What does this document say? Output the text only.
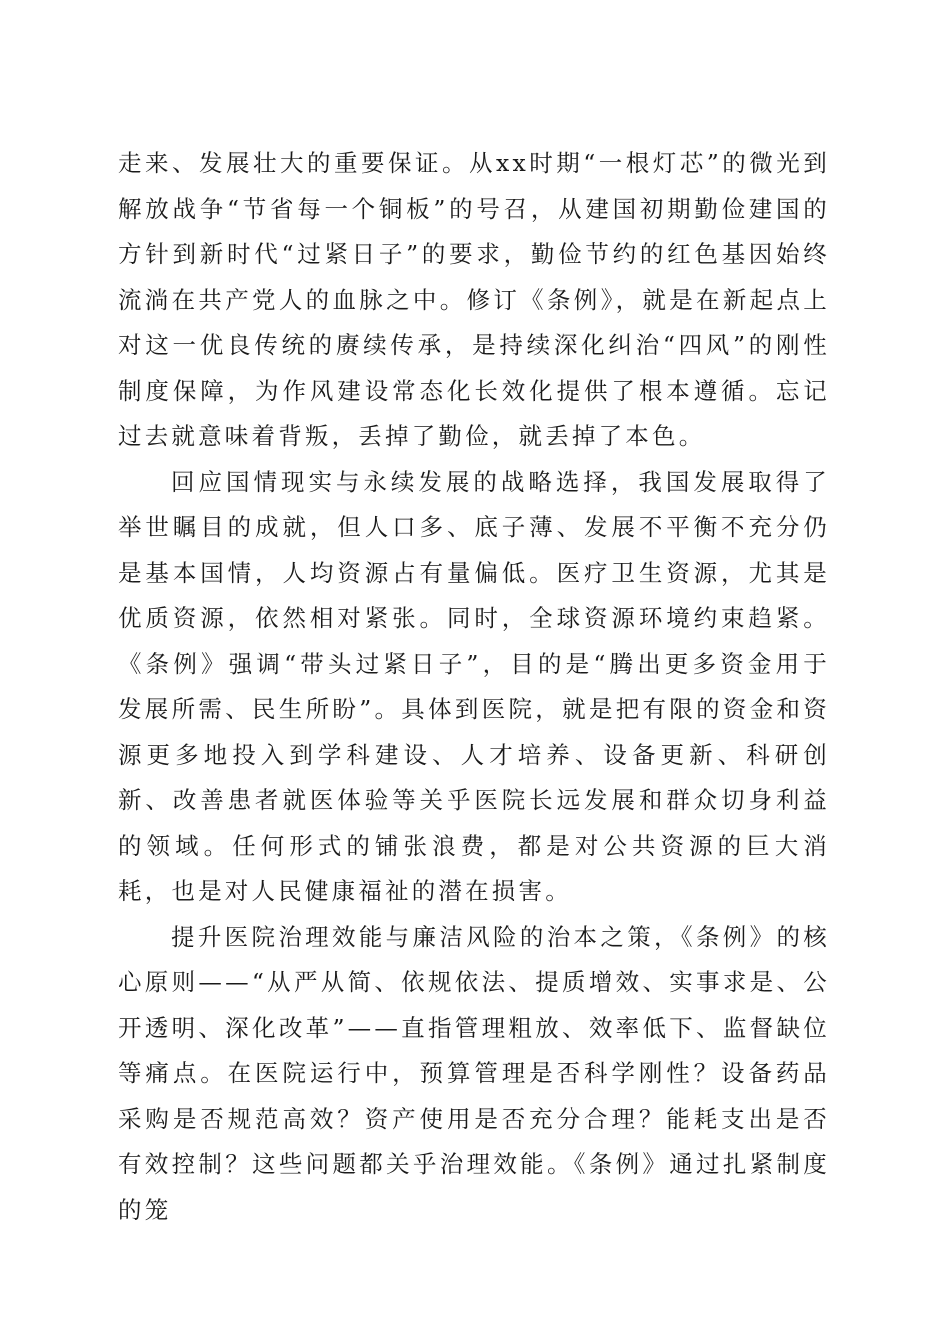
走来、发展壮大的重要保证。从xx时期“一根灯芯”的微光到解放战争“节省每一个铜板”的号召，从建国初期勤俭建国的方针到新时代“过紧日子”的要求，勤俭节约的红色基因始终流淌在共产党人的血脉之中。修订《条例》，就是在新起点上对这一优良传统的赓续传承，是持续深化纠治“四风”的刚性制度保障，为作风建设常态化长效化提供了根本遵循。忘记过去就意味着背叛，丢掉了勤俭，就丢掉了本色。

回应国情现实与永续发展的战略选择，我国发展取得了举世瞩目的成就，但人口多、底子薄、发展不平衡不充分仍是基本国情，人均资源占有量偏低。医疗卫生资源，尤其是优质资源，依然相对紧张。同时，全球资源环境约束趋紧。《条例》强调“带头过紧日子”，目的是“腾出更多资金用于发展所需、民生所盼”。具体到医院，就是把有限的资金和资源更多地投入到学科建设、人才培养、设备更新、科研创新、改善患者就医体验等关乎医院长远发展和群众切身利益的领域。任何形式的铺张浪费，都是对公共资源的巨大消耗，也是对人民健康福祉的潜在损害。

提升医院治理效能与廉洁风险的治本之策，《条例》的核心原则——“从严从简、依规依法、提质增效、实事求是、公开透明、深化改革”——直指管理粗放、效率低下、监督缺位等痛点。在医院运行中，预算管理是否科学刚性？设备药品采购是否规范高效？资产使用是否充分合理？能耗支出是否有效控制？这些问题都关乎治理效能。《条例》通过扎紧制度的笼
